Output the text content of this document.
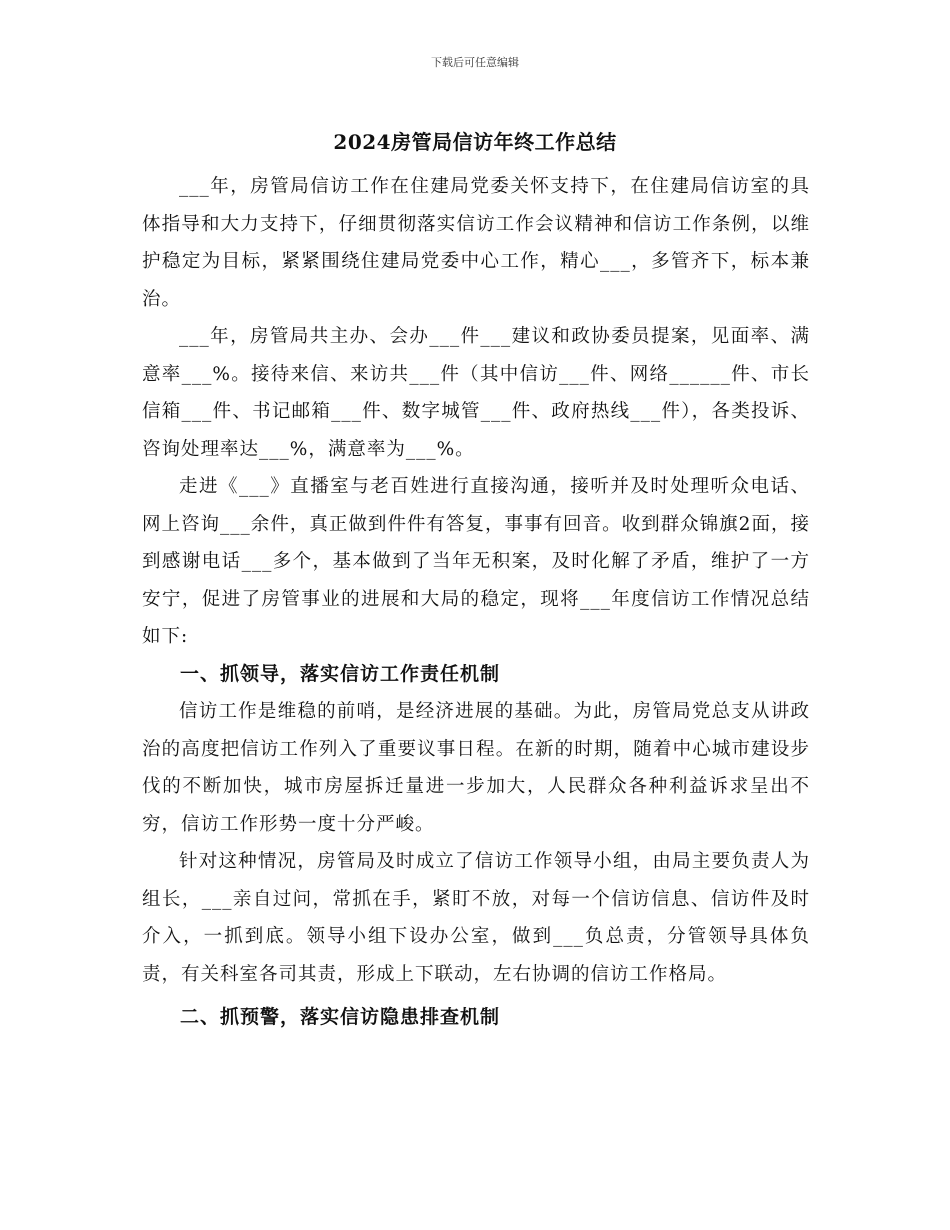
下载后可任意编辑
2024房管局信访年终工作总结

___年，房管局信访工作在住建局党委关怀支持下，在住建局信访室的具体指导和大力支持下，仔细贯彻落实信访工作会议精神和信访工作条例，以维护稳定为目标，紧紧围绕住建局党委中心工作，精心___，多管齐下，标本兼治。

___年，房管局共主办、会办___件___建议和政协委员提案，见面率、满意率___%。接待来信、来访共___件（其中信访___件、网络______件、市长信箱___件、书记邮箱___件、数字城管___件、政府热线___件），各类投诉、咨询处理率达___%，满意率为___%。

走进《___》直播室与老百姓进行直接沟通，接听并及时处理听众电话、网上咨询___余件，真正做到件件有答复，事事有回音。收到群众锦旗2面，接到感谢电话___多个，基本做到了当年无积案，及时化解了矛盾，维护了一方安宁，促进了房管事业的进展和大局的稳定，现将___年度信访工作情况总结如下:

一、抓领导，落实信访工作责任机制

信访工作是维稳的前哨，是经济进展的基础。为此，房管局党总支从讲政治的高度把信访工作列入了重要议事日程。在新的时期，随着中心城市建设步伐的不断加快，城市房屋拆迁量进一步加大，人民群众各种利益诉求呈出不穷，信访工作形势一度十分严峻。

针对这种情况，房管局及时成立了信访工作领导小组，由局主要负责人为组长，___亲自过问，常抓在手，紧盯不放，对每一个信访信息、信访件及时介入，一抓到底。领导小组下设办公室，做到___负总责，分管领导具体负责，有关科室各司其责，形成上下联动，左右协调的信访工作格局。

二、抓预警，落实信访隐患排查机制
